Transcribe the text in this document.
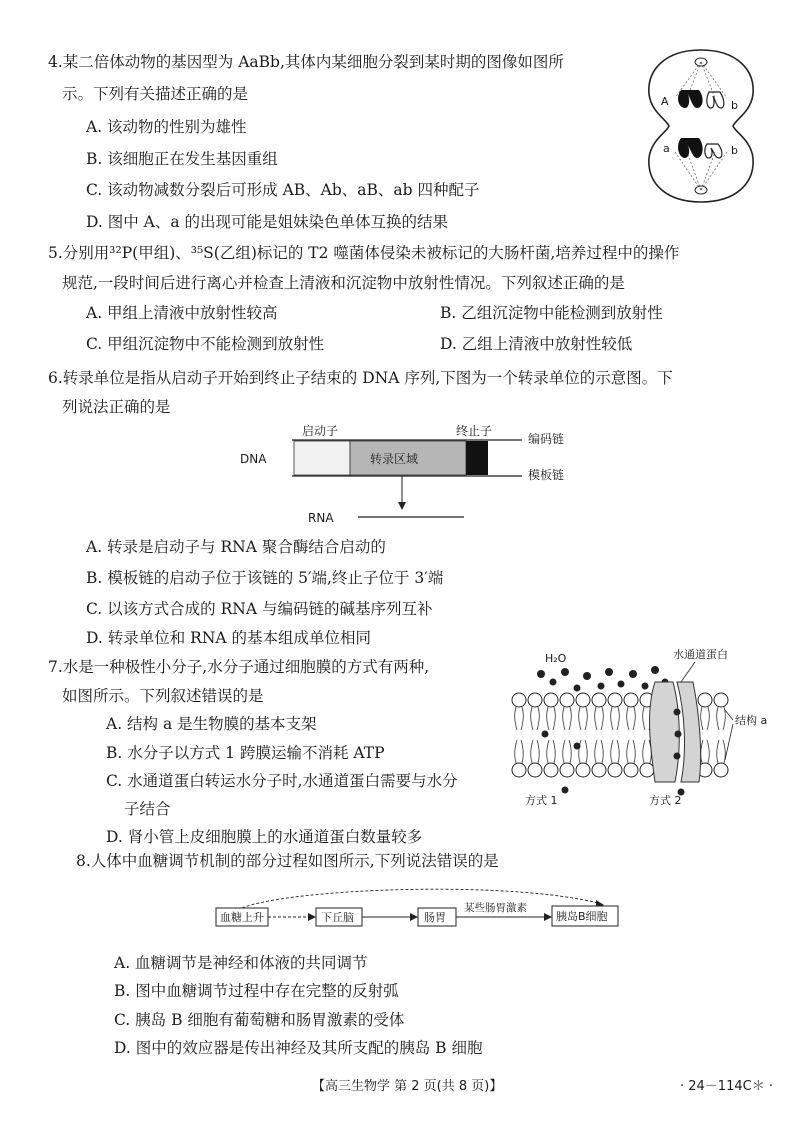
4.某二倍体动物的基因型为 AaBb,其体内某细胞分裂到某时期的图像如图所
示。下列有关描述正确的是
A. 该动物的性别为雄性
B. 该细胞正在发生基因重组
C. 该动物减数分裂后可形成 AB、Ab、aB、ab 四种配子
D. 图中 A、a 的出现可能是姐妹染色单体互换的结果
A	b
a	b
5.分别用³²P(甲组)、³⁵S(乙组)标记的 T2 噬菌体侵染未被标记的大肠杆菌,培养过程中的操作
规范,一段时间后进行离心并检查上清液和沉淀物中放射性情况。下列叙述正确的是
A. 甲组上清液中放射性较高	B. 乙组沉淀物中能检测到放射性
C. 甲组沉淀物中不能检测到放射性	D. 乙组上清液中放射性较低
6.转录单位是指从启动子开始到终止子结束的 DNA 序列,下图为一个转录单位的示意图。下
列说法正确的是
启动子	终止子
DNA	转录区域
编码链
模板链
RNA
A. 转录是启动子与 RNA 聚合酶结合启动的
B. 模板链的启动子位于该链的 5′端,终止子位于 3′端
C. 以该方式合成的 RNA 与编码链的碱基序列互补
D. 转录单位和 RNA 的基本组成单位相同
7.水是一种极性小分子,水分子通过细胞膜的方式有两种,
如图所示。下列叙述错误的是
A. 结构 a 是生物膜的基本支架
B. 水分子以方式 1 跨膜运输不消耗 ATP
C. 水通道蛋白转运水分子时,水通道蛋白需要与水分
子结合
D. 肾小管上皮细胞膜上的水通道蛋白数量较多
H₂O	水通道蛋白
结构 a
方式 1	方式 2
8.人体中血糖调节机制的部分过程如图所示,下列说法错误的是
血糖上升	下丘脑	肠胃	胰岛B细胞
某些肠胃激素
A. 血糖调节是神经和体液的共同调节
B. 图中血糖调节过程中存在完整的反射弧
C. 胰岛 B 细胞有葡萄糖和肠胃激素的受体
D. 图中的效应器是传出神经及其所支配的胰岛 B 细胞
【高三生物学 第 2 页(共 8 页)】	· 24－114C＊ ·
